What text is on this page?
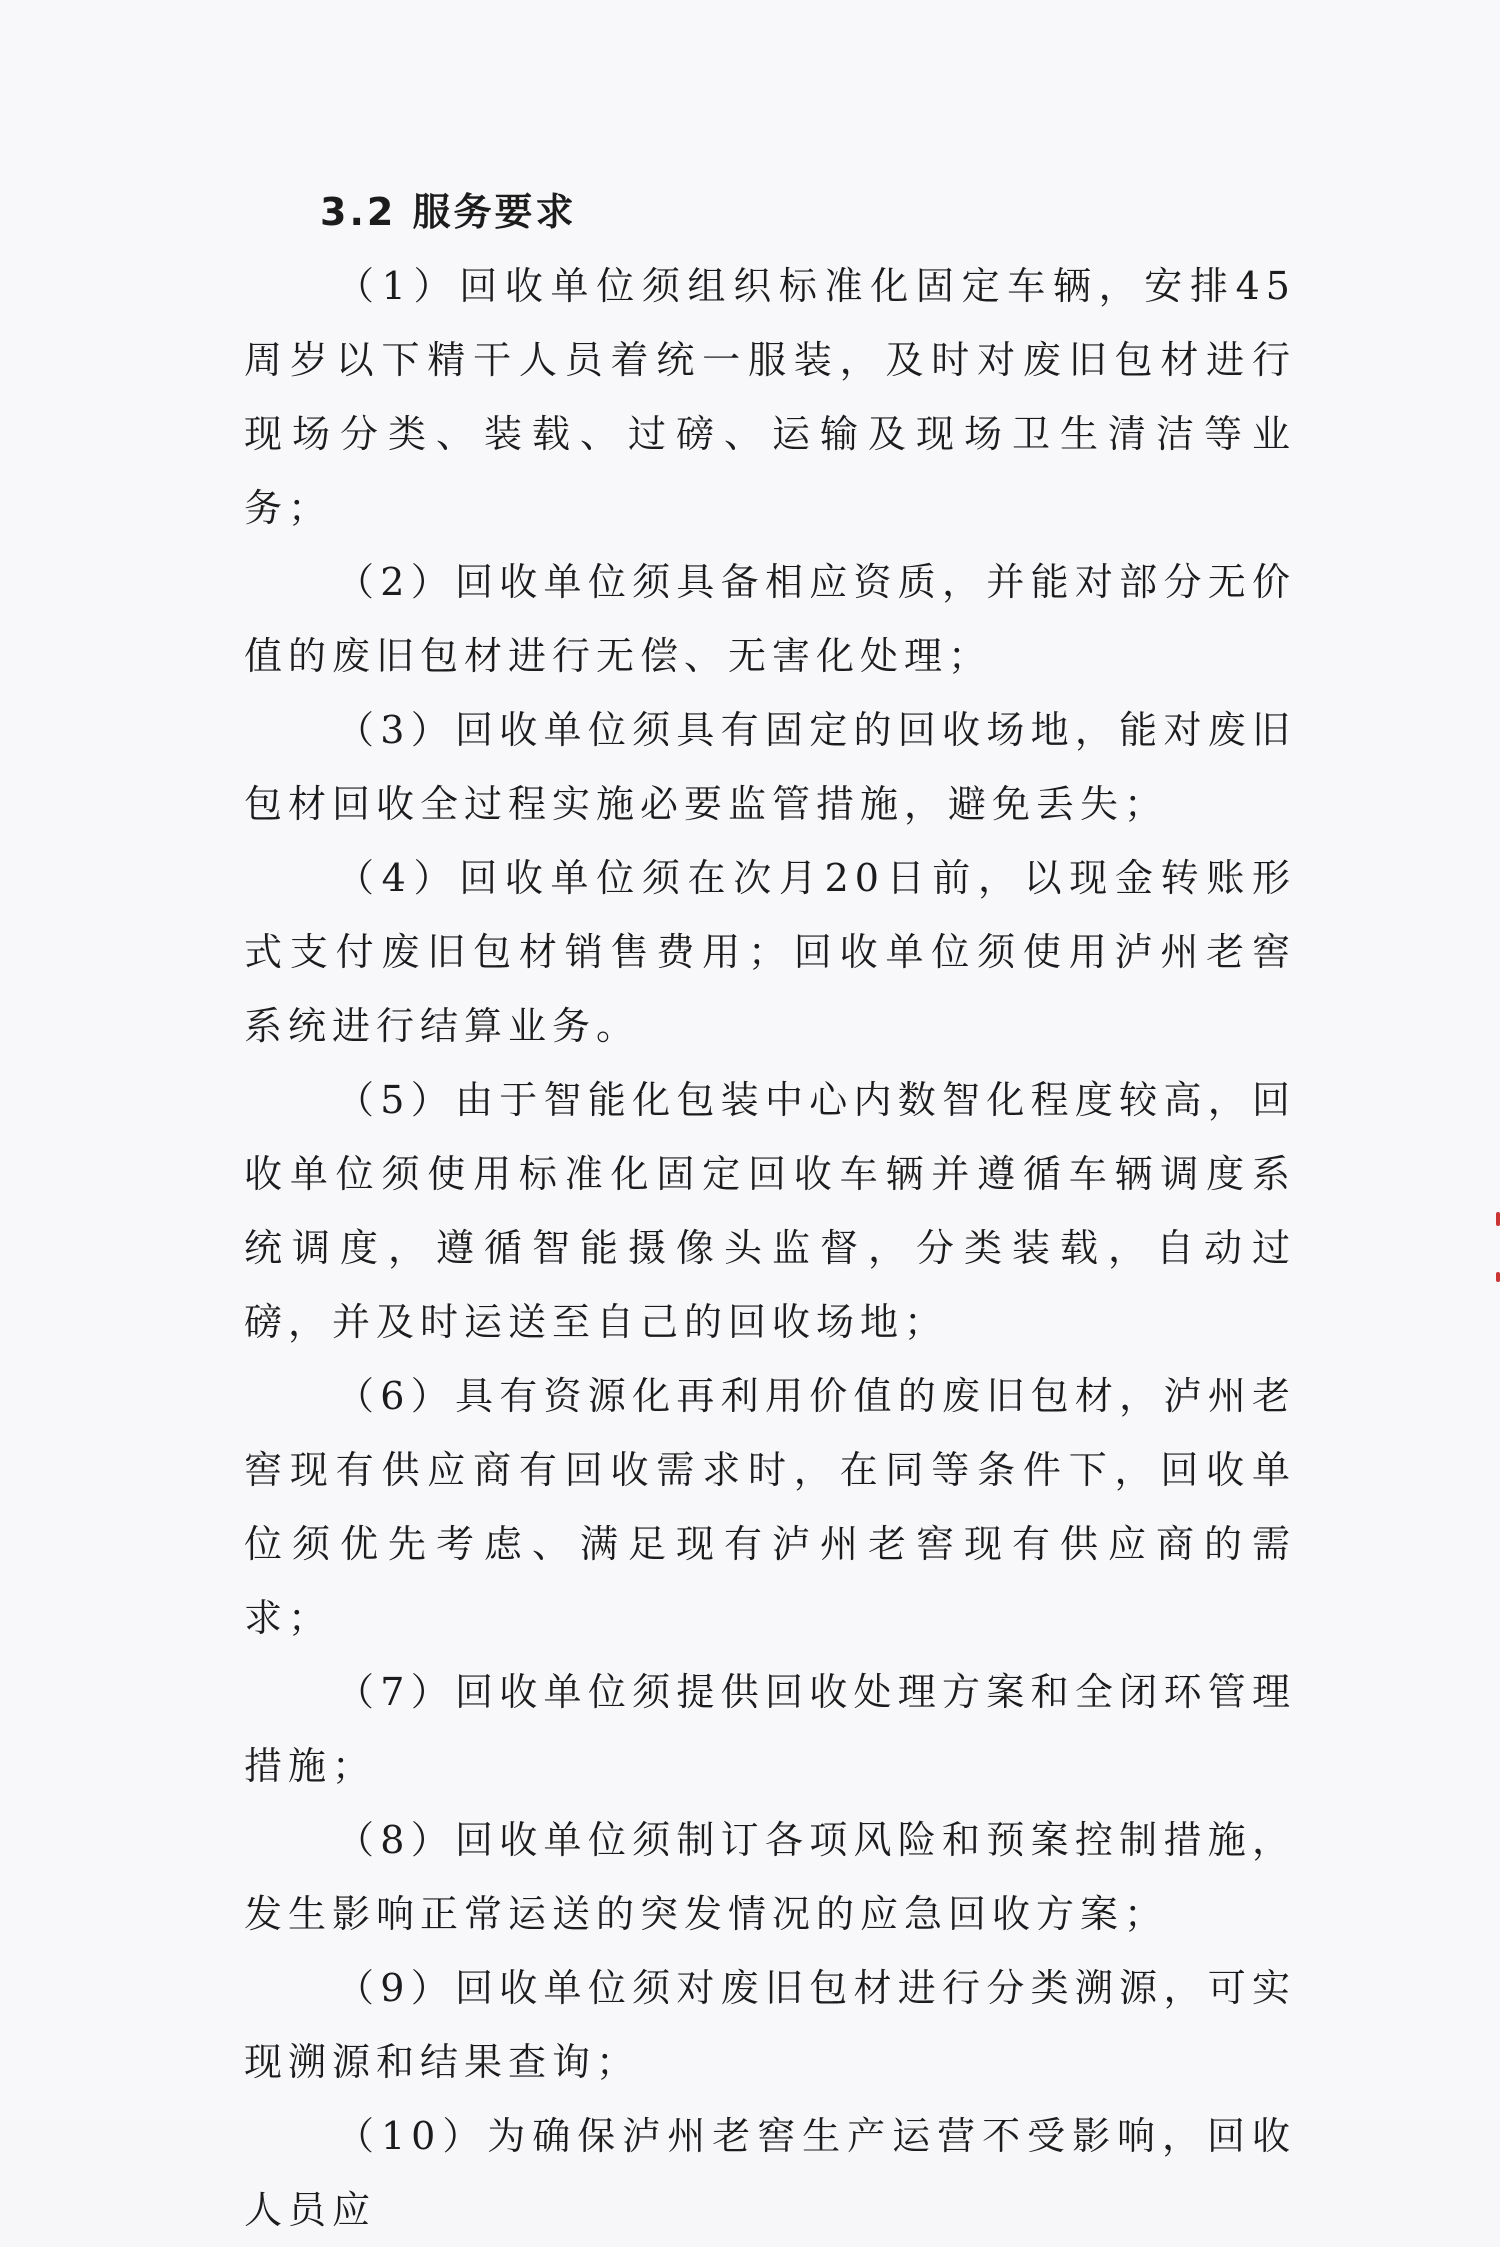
3.2 服务要求

（1）回收单位须组织标准化固定车辆，安排45周岁以下精干人员着统一服装，及时对废旧包材进行现场分类、装载、过磅、运输及现场卫生清洁等业务；

（2）回收单位须具备相应资质，并能对部分无价值的废旧包材进行无偿、无害化处理；

（3）回收单位须具有固定的回收场地，能对废旧包材回收全过程实施必要监管措施，避免丢失；

（4）回收单位须在次月20日前，以现金转账形式支付废旧包材销售费用；回收单位须使用泸州老窖系统进行结算业务。

（5）由于智能化包装中心内数智化程度较高，回收单位须使用标准化固定回收车辆并遵循车辆调度系统调度，遵循智能摄像头监督，分类装载，自动过磅，并及时运送至自己的回收场地；

（6）具有资源化再利用价值的废旧包材，泸州老窖现有供应商有回收需求时，在同等条件下，回收单位须优先考虑、满足现有泸州老窖现有供应商的需求；

（7）回收单位须提供回收处理方案和全闭环管理措施；

（8）回收单位须制订各项风险和预案控制措施，发生影响正常运送的突发情况的应急回收方案；

（9）回收单位须对废旧包材进行分类溯源，可实现溯源和结果查询；

（10）为确保泸州老窖生产运营不受影响，回收人员应
